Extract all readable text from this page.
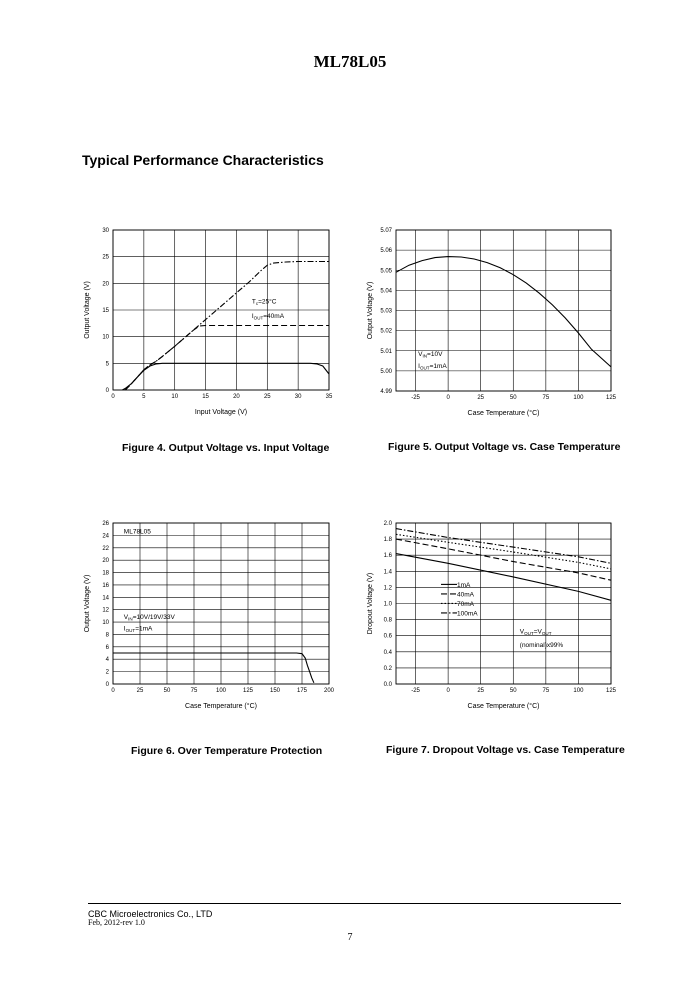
ML78L05
Typical Performance Characteristics
0	5	10	15	20	25	30	35
0
5
10
15
20
25
30
Input Voltage (V)
Output Voltage (V)	$T_c=25^\circ C$
$I_{OUT}=40mA$
-25	0	25	50	75	100	125
4.99
5.00
5.01
5.02
5.03
5.04
5.05
5.06
5.07
Case Temperature (°C)
Output Voltage (V)
$V_{IN}=10V$
$I_{OUT}=1mA$
0	25	50	75	100	125	150	175	200
0
2
4
6
8
10
12
14
16
18
20
22
24
26
Case Temperature (°C)
Output Voltage (V)
ML78L05
$V_{IN}=10V/19V/33V$
$I_{OUT}=1mA$
-25	0	25	50	75	100	125
0.0
0.2
0.4
0.6
0.8
1.0
1.2
1.4
1.6
1.8
2.0
Case Temperature (°C)
Dropout Voltage (V)	$V_{OUT}=V_{OUT}$
(nominal)x99%
1mA
40mA
70mA
100mA
Figure 4. Output Voltage vs. Input Voltage	Figure 5. Output Voltage vs. Case Temperature
Figure 6. Over Temperature Protection	Figure 7. Dropout Voltage vs. Case Temperature
CBC Microelectronics Co., LTD
Feb, 2012-rev 1.0
7
